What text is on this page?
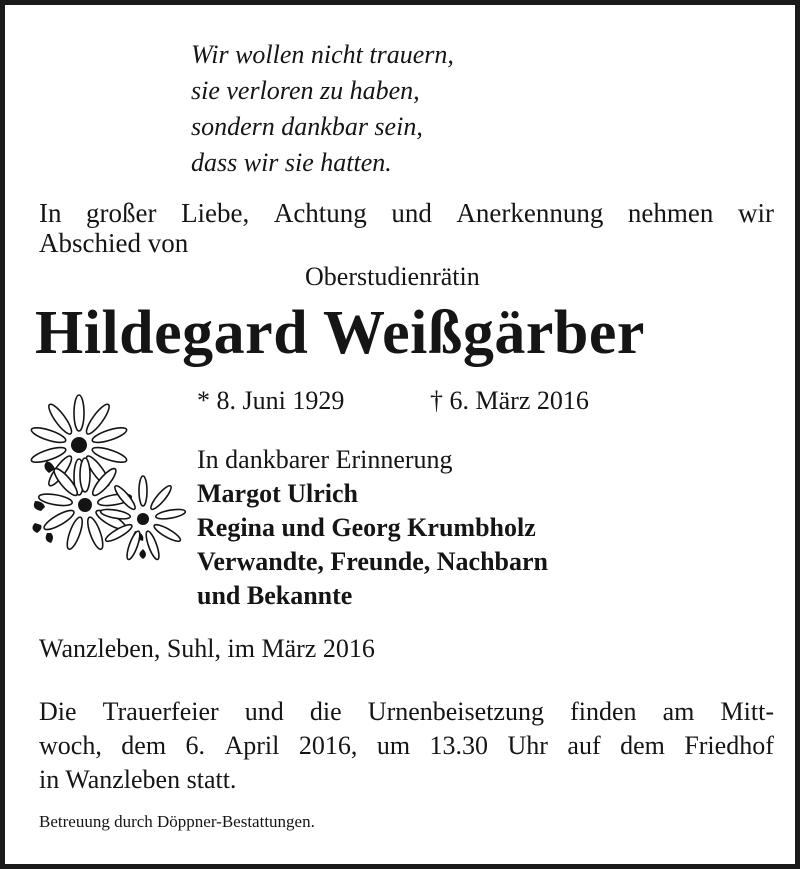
Wir wollen nicht trauern,
sie verloren zu haben,
sondern dankbar sein,
dass wir sie hatten.
In großer Liebe, Achtung und Anerkennung nehmen wir
Abschied von
Oberstudienrätin
Hildegard Weißgärber
* 8. Juni 1929	† 6. März 2016
In dankbarer Erinnerung
Margot Ulrich
Regina und Georg Krumbholz
Verwandte, Freunde, Nachbarn
und Bekannte
Wanzleben, Suhl, im März 2016
Die Trauerfeier und die Urnenbeisetzung finden am Mitt-
woch, dem 6. April 2016, um 13.30 Uhr auf dem Friedhof
in Wanzleben statt.
Betreuung durch Döppner-Bestattungen.
